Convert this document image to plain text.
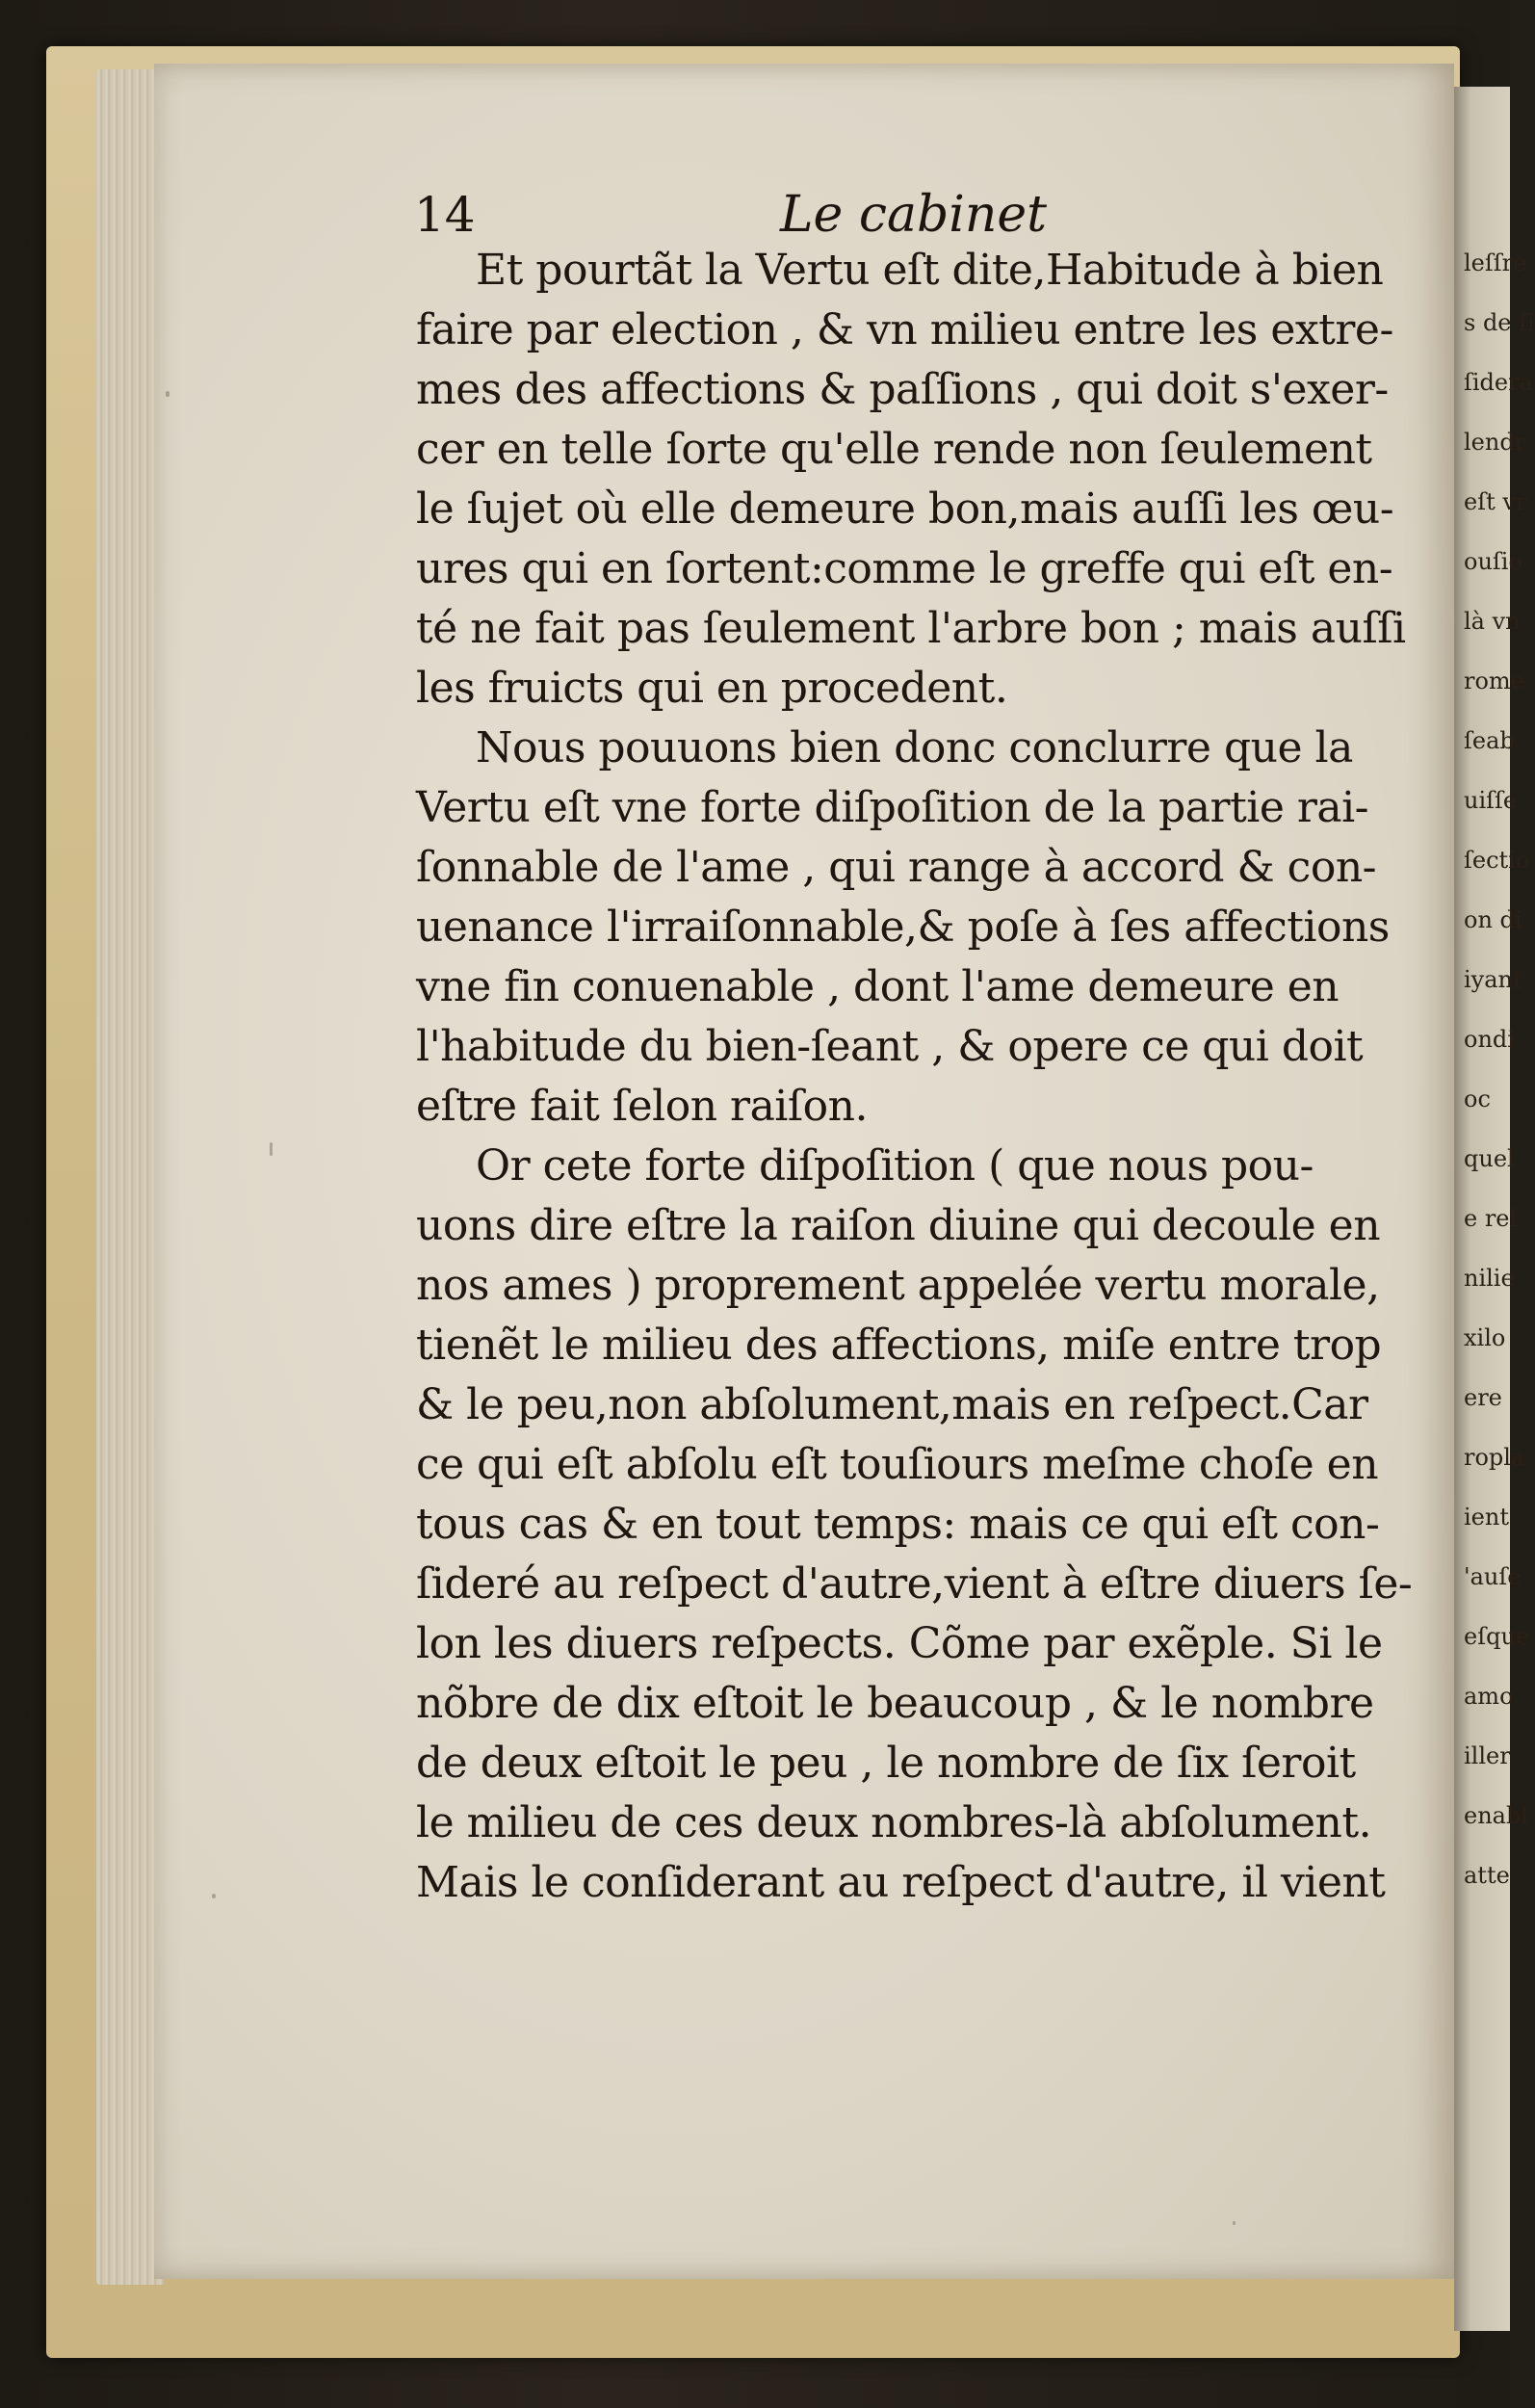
leſſre
s de ſi
ſidera
lendr
eſt vr
ouſio
là vn
rome
ſeab
uiſſe
ſectio
on di
iyant
ondi
oc
quel
e reſ
nilie
xilo
ere
ropla
ient
'auſe
eſque
amo
iller
enabl
atte
14	Le cabinet
Et pourtãt la Vertu eſt dite,Habitude à bien
faire par election , & vn milieu entre les extre-
mes des affections & paſſions , qui doit s'exer-
cer en telle ſorte qu'elle rende non ſeulement
le ſujet où elle demeure bon,mais auſſi les œu-
ures qui en ſortent:comme le greffe qui eſt en-
té ne fait pas ſeulement l'arbre bon ; mais auſſi
les fruicts qui en procedent.
Nous pouuons bien donc conclurre que la
Vertu eſt vne forte diſpoſition de la partie rai-
ſonnable de l'ame , qui range à accord & con-
uenance l'irraiſonnable,& poſe à ſes affections
vne fin conuenable , dont l'ame demeure en
l'habitude du bien-ſeant , & opere ce qui doit
eſtre fait ſelon raiſon.
Or cete forte diſpoſition ( que nous pou-
uons dire eſtre la raiſon diuine qui decoule en
nos ames ) proprement appelée vertu morale,
tienẽt le milieu des affections, miſe entre trop
& le peu,non abſolument,mais en reſpect.Car
ce qui eſt abſolu eſt touſiours meſme choſe en
tous cas & en tout temps: mais ce qui eſt con-
ſideré au reſpect d'autre,vient à eſtre diuers ſe-
lon les diuers reſpects. Cõme par exẽple. Si le
nõbre de dix eſtoit le beaucoup , & le nombre
de deux eſtoit le peu , le nombre de ſix ſeroit
le milieu de ces deux nombres-là abſolument.
Mais le conſiderant au reſpect d'autre, il vient
